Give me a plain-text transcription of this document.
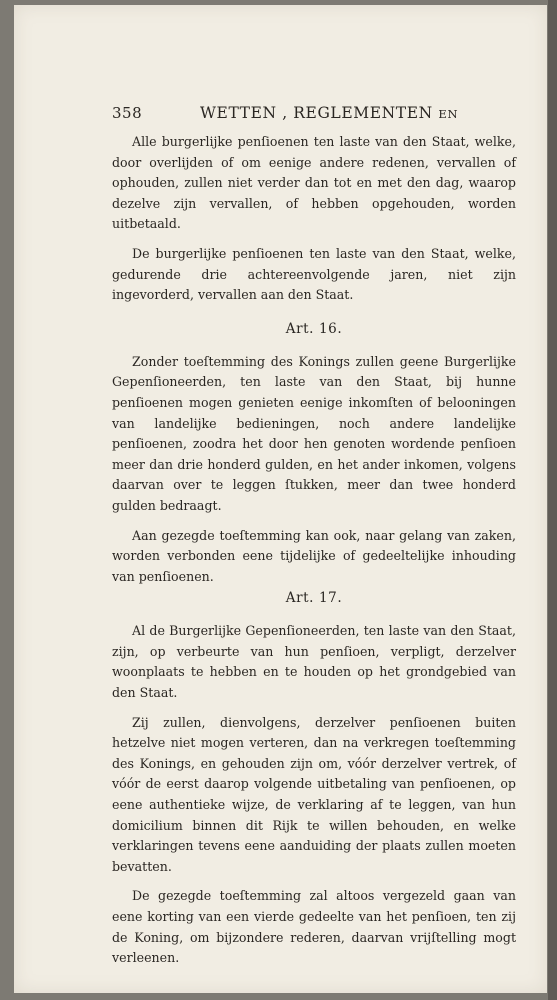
358	WETTEN , REGLEMENTEN EN

Alle burgerlijke penſioenen ten laste van den Staat, welke, door overlijden of om eenige andere redenen, vervallen of ophouden, zullen niet verder dan tot en met den dag, waarop dezelve zijn vervallen, of hebben opgehouden, worden uitbetaald.

De burgerlijke penſioenen ten laste van den Staat, welke, gedurende drie achtereenvolgende jaren, niet zijn ingevorderd, vervallen aan den Staat.

Art. 16.

Zonder toeſtemming des Konings zullen geene Burgerlijke Gepenſioneerden, ten laste van den Staat, bij hunne penſioenen mogen genieten eenige inkomſten of belooningen van landelijke bedieningen, noch andere landelijke penſioenen, zoodra het door hen genoten wordende penſioen meer dan drie honderd gulden, en het ander inkomen, volgens daarvan over te leggen ſtukken, meer dan twee honderd gulden bedraagt.

Aan gezegde toeſtemming kan ook, naar gelang van zaken, worden verbonden eene tijdelijke of gedeeltelijke inhouding van penſioenen.

Art. 17.

Al de Burgerlijke Gepenſioneerden, ten laste van den Staat, zijn, op verbeurte van hun penſioen, verpligt, derzelver woonplaats te hebben en te houden op het grondgebied van den Staat.

Zij zullen, dienvolgens, derzelver penſioenen buiten hetzelve niet mogen verteren, dan na verkregen toeſtemming des Konings, en gehouden zijn om, vóór derzelver vertrek, of vóór de eerst daarop volgende uitbetaling van penſioenen, op eene authentieke wijze, de verklaring af te leggen, van hun domicilium binnen dit Rijk te willen behouden, en welke verklaringen tevens eene aanduiding der plaats zullen moeten bevatten.

De gezegde toeſtemming zal altoos vergezeld gaan van eene korting van een vierde gedeelte van het penſioen, ten zij de Koning, om bijzondere rederen, daarvan vrijſtelling mogt verleenen.
